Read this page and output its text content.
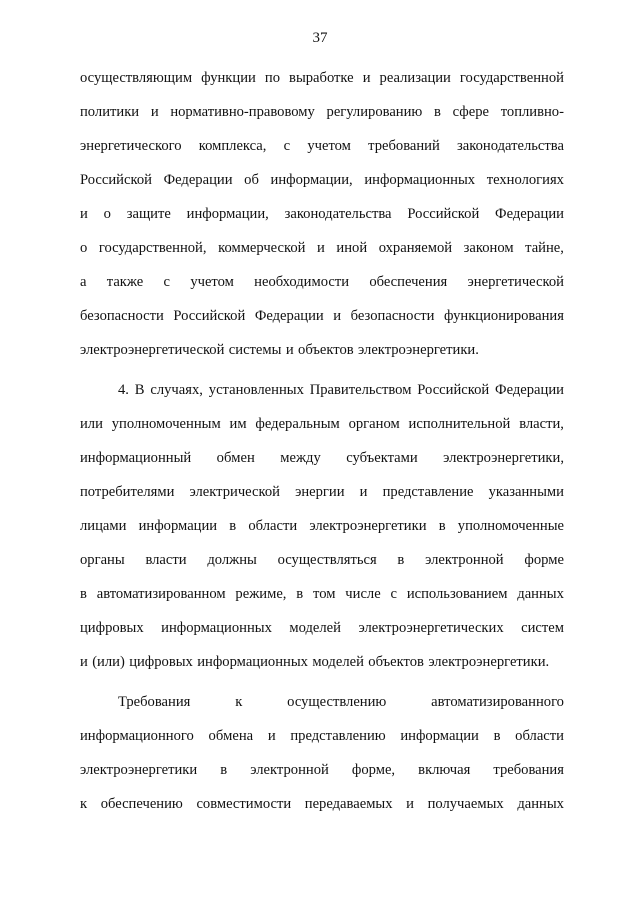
37
осуществляющим функции по выработке и реализации государственной
политики и нормативно-правовому регулированию в сфере топливно-
энергетического комплекса, с учетом требований законодательства
Российской Федерации об информации, информационных технологиях
и о защите информации, законодательства Российской Федерации
о государственной, коммерческой и иной охраняемой законом тайне,
а также с учетом необходимости обеспечения энергетической
безопасности Российской Федерации и безопасности функционирования
электроэнергетической системы и объектов электроэнергетики.
4. В случаях, установленных Правительством Российской Федерации
или уполномоченным им федеральным органом исполнительной власти,
информационный обмен между субъектами электроэнергетики,
потребителями электрической энергии и представление указанными
лицами информации в области электроэнергетики в уполномоченные
органы власти должны осуществляться в электронной форме
в автоматизированном режиме, в том числе с использованием данных
цифровых информационных моделей электроэнергетических систем
и (или) цифровых информационных моделей объектов электроэнергетики.
Требования	к	осуществлению	автоматизированного
информационного обмена и представлению информации в области
электроэнергетики в электронной форме, включая требования
к обеспечению совместимости передаваемых и получаемых данных
